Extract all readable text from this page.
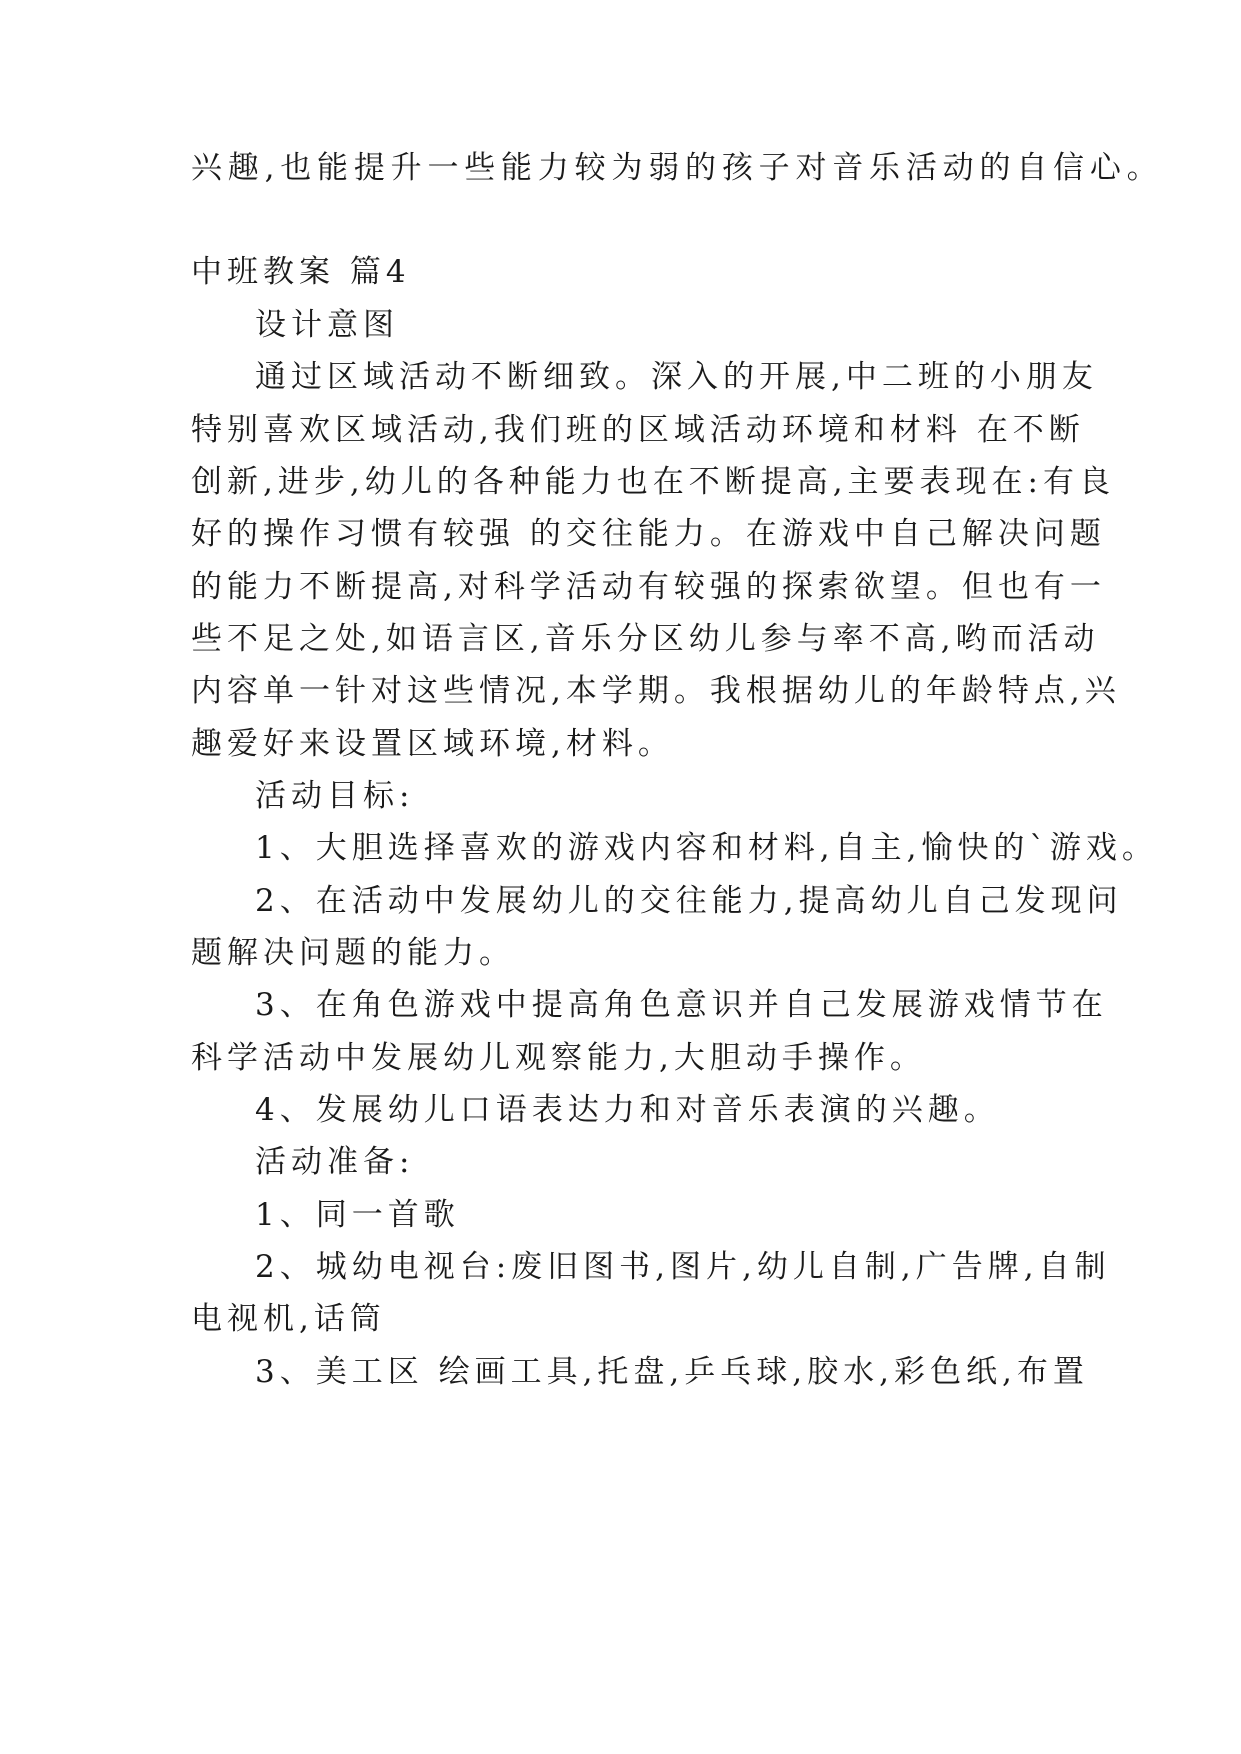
兴趣,也能提升一些能力较为弱的孩子对音乐活动的自信心。

中班教案 篇4

设计意图

通过区域活动不断细致。深入的开展,中二班的小朋友

特别喜欢区域活动,我们班的区域活动环境和材料 在不断

创新,进步,幼儿的各种能力也在不断提高,主要表现在:有良

好的操作习惯有较强 的交往能力。在游戏中自己解决问题

的能力不断提高,对科学活动有较强的探索欲望。但也有一

些不足之处,如语言区,音乐分区幼儿参与率不高,哟而活动

内容单一针对这些情况,本学期。我根据幼儿的年龄特点,兴

趣爱好来设置区域环境,材料。

活动目标:

1、大胆选择喜欢的游戏内容和材料,自主,愉快的`游戏。

2、在活动中发展幼儿的交往能力,提高幼儿自己发现问

题解决问题的能力。

3、在角色游戏中提高角色意识并自己发展游戏情节在

科学活动中发展幼儿观察能力,大胆动手操作。

4、发展幼儿口语表达力和对音乐表演的兴趣。

活动准备:

1、同一首歌

2、城幼电视台:废旧图书,图片,幼儿自制,广告牌,自制

电视机,话筒

3、美工区 绘画工具,托盘,乒乓球,胶水,彩色纸,布置
